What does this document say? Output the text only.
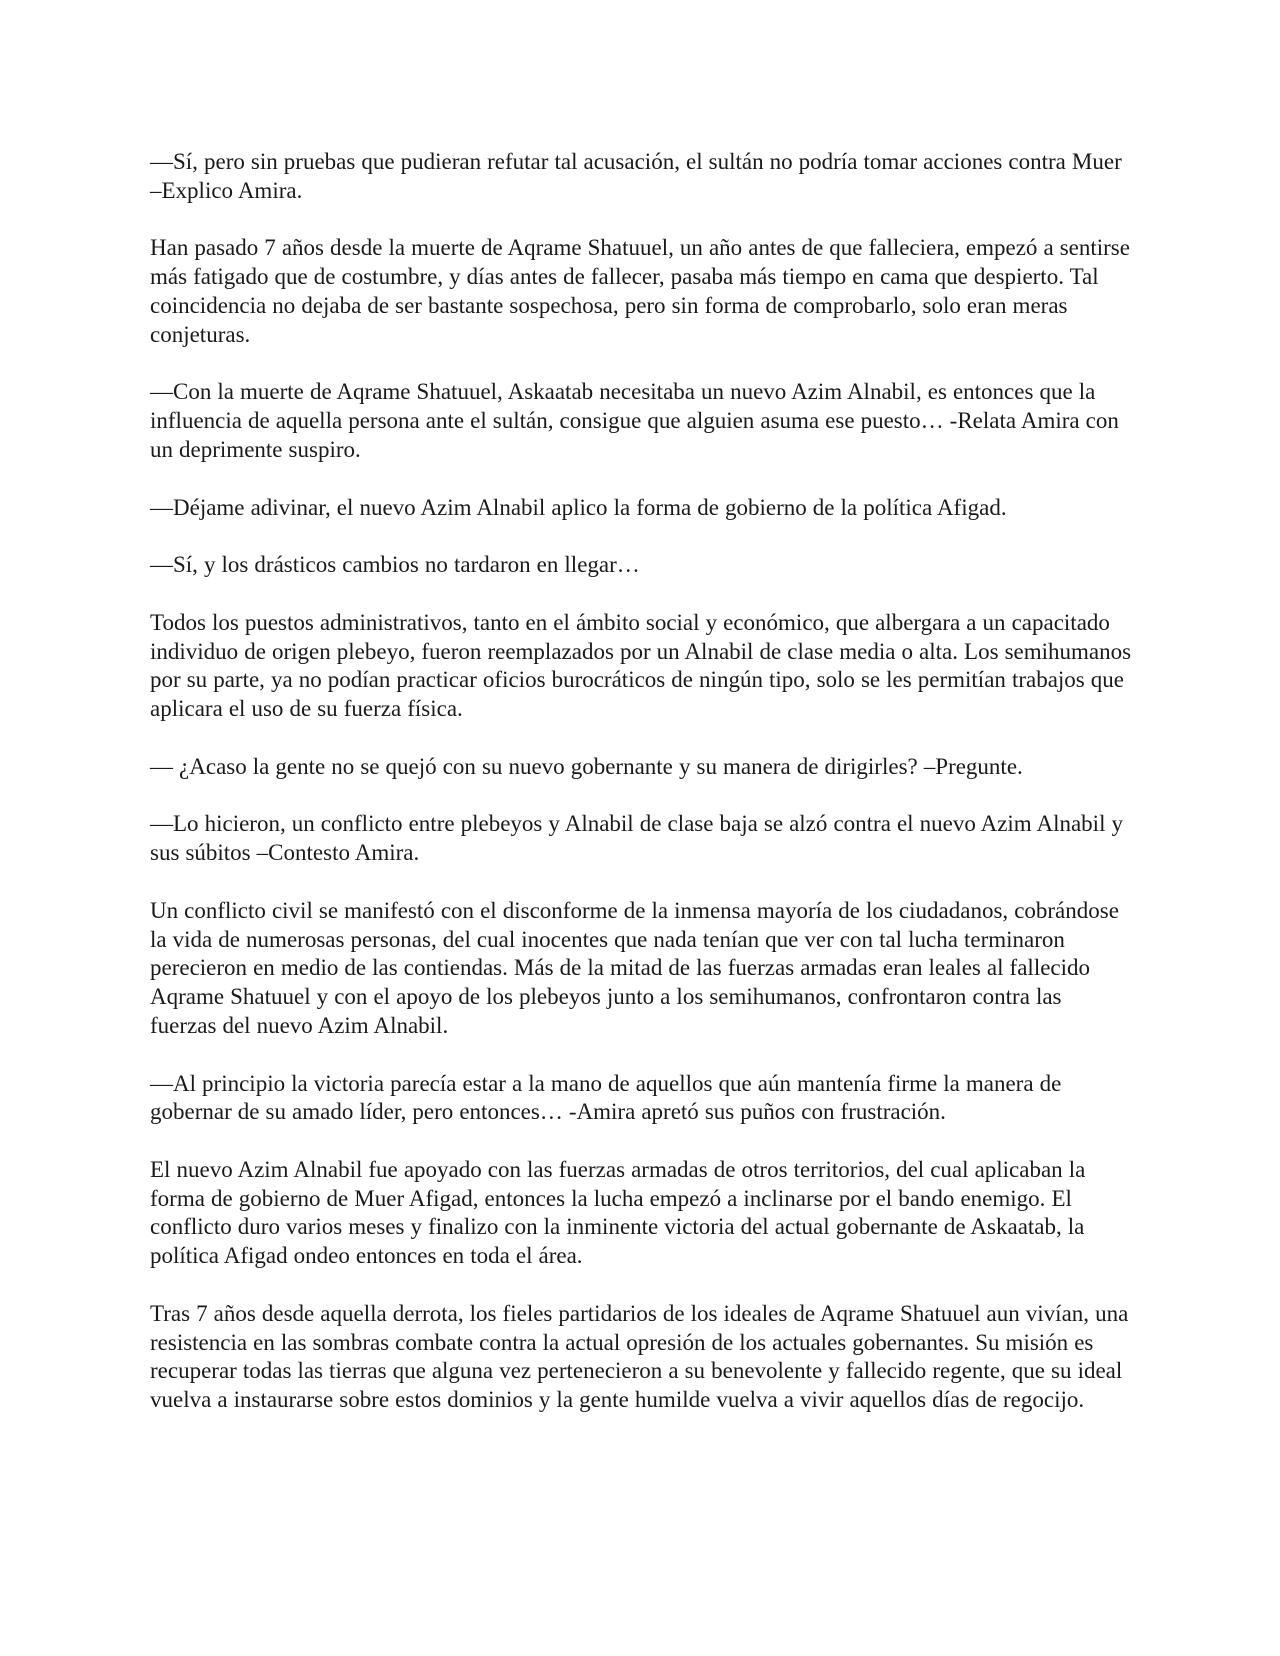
—Sí, pero sin pruebas que pudieran refutar tal acusación, el sultán no podría tomar acciones contra Muer –Explico Amira.

Han pasado 7 años desde la muerte de Aqrame Shatuuel, un año antes de que falleciera, empezó a sentirse más fatigado que de costumbre, y días antes de fallecer, pasaba más tiempo en cama que despierto. Tal coincidencia no dejaba de ser bastante sospechosa, pero sin forma de comprobarlo, solo eran meras conjeturas.

—Con la muerte de Aqrame Shatuuel, Askaatab necesitaba un nuevo Azim Alnabil, es entonces que la influencia de aquella persona ante el sultán, consigue que alguien asuma ese puesto… -Relata Amira con un deprimente suspiro.

—Déjame adivinar, el nuevo Azim Alnabil aplico la forma de gobierno de la política Afigad.

—Sí, y los drásticos cambios no tardaron en llegar…

Todos los puestos administrativos, tanto en el ámbito social y económico, que albergara a un capacitado individuo de origen plebeyo, fueron reemplazados por un Alnabil de clase media o alta. Los semihumanos por su parte, ya no podían practicar oficios burocráticos de ningún tipo, solo se les permitían trabajos que aplicara el uso de su fuerza física.

— ¿Acaso la gente no se quejó con su nuevo gobernante y su manera de dirigirles? –Pregunte.

—Lo hicieron, un conflicto entre plebeyos y Alnabil de clase baja se alzó contra el nuevo Azim Alnabil y sus súbitos –Contesto Amira.

Un conflicto civil se manifestó con el disconforme de la inmensa mayoría de los ciudadanos, cobrándose la vida de numerosas personas, del cual inocentes que nada tenían que ver con tal lucha terminaron perecieron en medio de las contiendas. Más de la mitad de las fuerzas armadas eran leales al fallecido Aqrame Shatuuel y con el apoyo de los plebeyos junto a los semihumanos, confrontaron contra las fuerzas del nuevo Azim Alnabil.

—Al principio la victoria parecía estar a la mano de aquellos que aún mantenía firme la manera de gobernar de su amado líder, pero entonces… -Amira apretó sus puños con frustración.

El nuevo Azim Alnabil fue apoyado con las fuerzas armadas de otros territorios, del cual aplicaban la forma de gobierno de Muer Afigad, entonces la lucha empezó a inclinarse por el bando enemigo. El conflicto duro varios meses y finalizo con la inminente victoria del actual gobernante de Askaatab, la política Afigad ondeo entonces en toda el área.

Tras 7 años desde aquella derrota, los fieles partidarios de los ideales de Aqrame Shatuuel aun vivían, una resistencia en las sombras combate contra la actual opresión de los actuales gobernantes. Su misión es recuperar todas las tierras que alguna vez pertenecieron a su benevolente y fallecido regente, que su ideal vuelva a instaurarse sobre estos dominios y la gente humilde vuelva a vivir aquellos días de regocijo.
